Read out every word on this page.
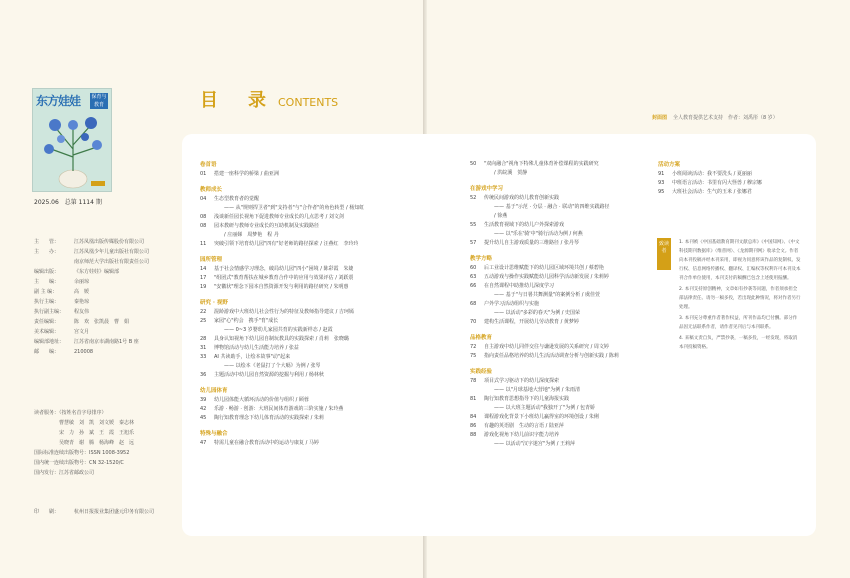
东方娃娃 保育与教育
2025.06 总第 1114 期
主　　管：	江苏凤凰出版传媒股份有限公司
主　　办：	江苏凤凰少年儿童出版社有限公司
南京师范大学出版社有限责任公司
编辑出版：	《东方娃娃》编辑部
主　　编：	余丽琼
副 主 编：	高　媛
执行主编：	秦艳琼
执行副主编：	程友伟
责任编辑：	陈　欢　张凯晨　曹　娟
美术编辑：	宫文月
编辑部地址：	江苏省南京市湖南路1号 B 座
邮　　编：	210008
读者服务：（按姓名首字母排序）
　　　　　曹慧敏　刘　凯　刘文媛　秦志林
　　　　　宋　力　孙　斌　王　霞　王旭乐
　　　　　吴晓青　谢　腾　杨海峰　赵　远
国际标准连续出版物号：ISSN 1008-3952
国内统一连续出版物号：CN 32-1520/C
国内发行：江苏省邮政公司
印　　刷：	杭州日报报业集团盛元印务有限公司
目　录 CONTENTS
封面图 全人教育提供艺术支持　作者：刘禹彤（8 岁）
卷首语
01	搭建一座科学的桥梁 / 曲亚洲
教师成长
04	生态型教育者的觉醒
—— 从"规则捍卫者"到"支持者"与"合作者"的角色转型 / 杨知虹
08	浅谈新任园长视角下促进教师专业成长的几点思考 / 刘文剑
08	园本教研与教师专业成长的互助机制及实践路径
/ 庄丽娣　周梦艳　程 丹
11	突破引领下培育幼儿园"四有"好老师的路径探索 / 汪燕红　李玲玲
园所管理
14	基于社会情感学习理念，破局幼儿园"四小"困境 / 陈彩霞　朱婕
17	"组团式"教育帮扶在城乡教育合作中的应用与效果评估 / 刘跃震
19	"安徽状"理念下园本自然资源开发与利用的路径研究 / 朱明惠
研究 · 视野
22	混龄游戏中大班幼儿社会性行为的特征及教师指导建议 / 吉珂嫣
25	家园"心"约会　携手"育"成长
—— 0~3 岁婴幼儿家园共育的实践新样态 / 赵霞
28	具身认知视角下幼儿园自制玩教具的实践探索 / 肖莉　张晓璐
31	博物馆活动与幼儿生活能力培养 / 张益
33	AI 共读助手，让绘本故事"动"起来
—— 以绘本《老鼠打了个大嗝》为例 / 张琴
36	主题活动中幼儿园自然资源的挖掘与利用 / 杨林秋
幼儿园体育
39	幼儿园体能大循环活动的价值与组织 / 顾蓉
42	乐游 · 畅游 · 创游：大班民间体育游戏的三阶实施 / 朱玲燕
45	陶行知教育理念下幼儿体育活动的实践探索 / 朱莉
特殊与融合
47	特需儿童在融合教育活动中的运动与康复 / 马婷
50	"双向融合"视角下特殊儿童体育补偿课程的实践研究
/ 洪皖溪　贺静
在游戏中学习
52	传统民间游戏的幼儿教育创新实践
—— 基于"示范 · 分层 · 融合 · 联动"的四维实践路径
/ 徐燕
55	生活教育视域下的幼儿户外探索游戏
—— 以"乐在'骑'中"骑行活动为例 / 何燕
57	提升幼儿自主游戏质量的三维路径 / 张丹琴
教学方略
60	后工业设计思维赋能下的幼儿园区域环境共创 / 蔡碧艳
63	五动游戏与操作实践赋能幼儿园科学活动新发展 / 朱莉婷
66	在自然课程中助推幼儿深度学习
—— 基于"与日晷共舞测量"的案例分析 / 虞佳萱
68	户外学习活动组织与实施
—— 以活动"多彩的春天"为例 / 史国荣
70	建构生活课程，开展幼儿劳动教育 / 黄梦婷
品格教育
72	自主游戏中幼儿同伴交往与谦逊发展的关系研究 / 周文婷
75	指向责任品格培养的幼儿生活活动调查分析与创新实践 / 陈莉
实践经验
78	项目式学习驱动下的幼儿深度探索
—— 以"月球基地大营地"为例 / 朱雨清
81	陶行知教育思想指导下的儿童海报实践
—— 以大班主题活动"我独开了"为例 / 包青娇
84	课程游戏化背景下小班幼儿赢得室的环境创设 / 朱俐
86	有趣的英语剧　生动的言语 / 陆亚萍
88	游戏化视角下幼儿前识字能力培养
—— 以活动"汉字迷宫"为例 / 王莉萍
活动方案
91	小班阅读活动：我不要洗头 / 夏丽丽
93	中班语言活动：书里有闪大怪兽 / 穆宗娜
95	大班社会活动：生气的玉米 / 张娜君
致读者

1. 本刊被《中国基础教育期刊文献总库》《中国知网》、《中文科技期刊数据库》（维普网）、《龙源期刊网》收录全文。作者向本刊投稿并经本刊采用，即视为同意将该作品的复制权、发行权、信息网络传播权、翻译权、汇编权等权利许可本刊及本刊合作单位使用，本刊支付的稿酬已包含上述使用报酬。

2. 本刊支持原创精神，文章如有抄袭等问题，作者须承担全部法律责任。请勿一稿多投，若出现此种情况，将对作者另行处理。

3. 本刊充分尊重作者著作权益，所刊作品均已付酬。部分作品因无法联系作者，请作者见刊后与本刊联系。

4. 来稿文责自负，严禁抄袭，一稿多投，一经发现，将取消本刊投稿资格。
